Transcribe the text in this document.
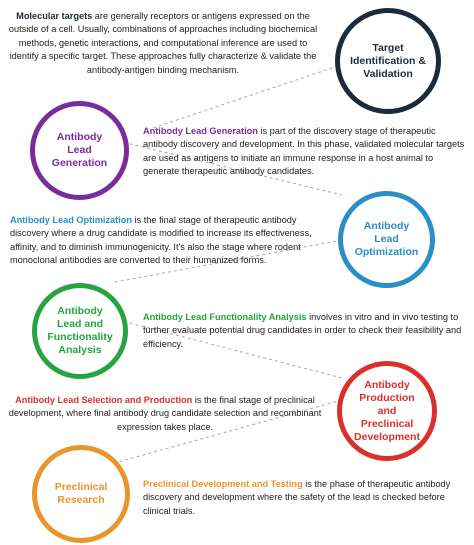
Molecular targets are generally receptors or antigens expressed on the outside of a cell. Usually, combinations of approaches including biochemical methods, genetic interactions, and computational inference are used to identify a specific target. These approaches fully characterize & validate the antibody-antigen binding mechanism.
Target Identification & Validation
Antibody Lead Generation
Antibody Lead Generation is part of the discovery stage of therapeutic antibody discovery and development. In this phase, validated molecular targets are used as antigens to initiate an immune response in a host animal to generate therapeutic antibody candidates.
Antibody Lead Optimization is the final stage of therapeutic antibody discovery where a drug candidate is modified to increase its effectiveness, affinity, and to diminish immunogenicity. It's also the stage where rodent monoclonal antibodies are converted to their humanized forms.
Antibody Lead Optimization
Antibody Lead and Functionality Analysis
Antibody Lead Functionality Analysis involves in vitro and in vivo testing to further evaluate potential drug candidates in order to check their feasibility and efficiency.
Antibody Lead Selection and Production is the final stage of preclinical development, where final antibody drug candidate selection and recombinant expression takes place.
Antibody Production and Preclinical Development
Preclinical Research
Preclinical Development and Testing is the phase of therapeutic antibody discovery and development where the safety of the lead is checked before clinical trials.
